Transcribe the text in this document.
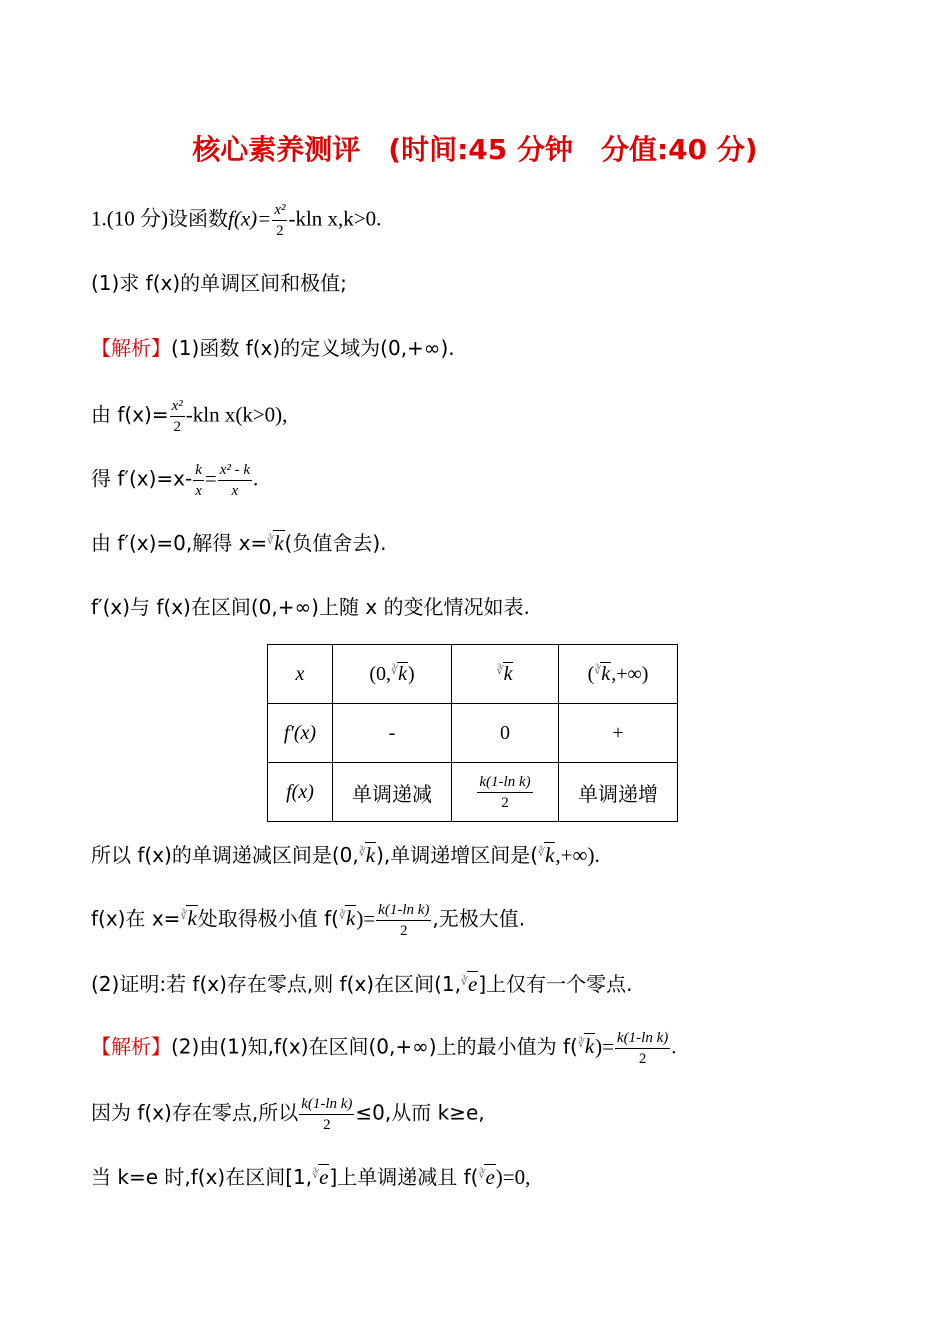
核心素养测评　(时间:45 分钟　分值:40 分)
1.(10 分)设函数$f(x)= \frac{\text{x²}}{2} -kln$ x,k>0.
(1)求 f(x)的单调区间和极值;
【解析】(1)函数 f(x)的定义域为(0,+∞).
由 $f(x)= \frac{\text{x²}}{2} -kln$ x(k>0),
得 $f'(x)=x- \frac{k}{x} = \frac{\text{x² - k}}{x}$ .
由 f′(x)=0,解得 x=∛k(负值舍去).
f′(x)与 f(x)在区间(0,+∞)上随 x 的变化情况如表.
x	(0,∛k)	∛k	(∛k,+∞)
f′(x)	-	0	+
f(x)	单调递减	$\frac{\text{k(1-ln k)}}{2}$	单调递增
所以 f(x)的单调递减区间是(0,∛k),单调递增区间是(∛k,+∞).
f(x)在 x=∛k处取得极小值 $f(^∛k)= \frac{\text{k(1-ln k)}}{2}$ ,无极大值.
(2)证明:若 f(x)存在零点,则 f(x)在区间(1,∛e]上仅有一个零点.
【解析】(2)由(1)知,f(x)在区间(0,+∞)上的最小值为 $f(^∛k)= \frac{\text{k(1-ln k)}}{2}$ .
因为 f(x)存在零点,所以 $\frac{\text{k(1-ln k)}}{2} \le 0$,从而 k≥e,
当 k=e 时,f(x)在区间[1,∛e]上单调递减且 f(∛e)=0,
